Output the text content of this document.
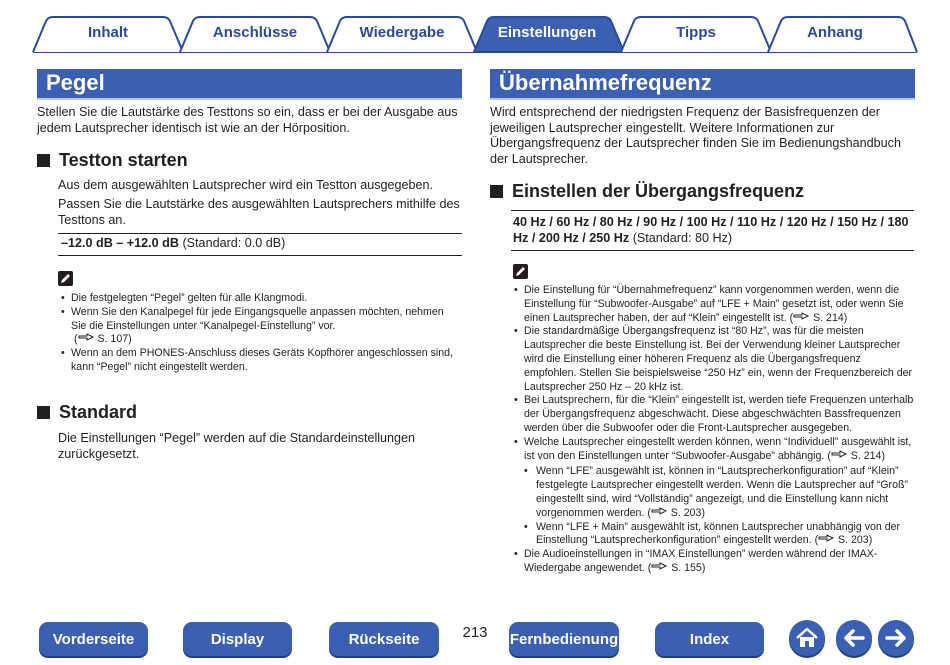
Inhalt	Anschlüsse	Wiedergabe	Einstellungen	Tipps	Anhang
Pegel
Stellen Sie die Lautstärke des Testtons so ein, dass er bei der Ausgabe aus jedem Lautsprecher identisch ist wie an der Hörposition.
Testton starten
Aus dem ausgewählten Lautsprecher wird ein Testton ausgegeben.
Passen Sie die Lautstärke des ausgewählten Lautsprechers mithilfe des Testtons an.
–12.0 dB – +12.0 dB (Standard: 0.0 dB)
• Die festgelegten “Pegel” gelten für alle Klangmodi.
• Wenn Sie den Kanalpegel für jede Eingangsquelle anpassen möchten, nehmen Sie die Einstellungen unter “Kanalpegel-Einstellung” vor.
( S. 107)
• Wenn an dem PHONES-Anschluss dieses Geräts Kopfhörer angeschlossen sind, kann “Pegel” nicht eingestellt werden.
Standard
Die Einstellungen “Pegel” werden auf die Standardeinstellungen zurückgesetzt.
Übernahmefrequenz
Wird entsprechend der niedrigsten Frequenz der Basisfrequenzen der jeweiligen Lautsprecher eingestellt. Weitere Informationen zur Übergangsfrequenz der Lautsprecher finden Sie im Bedienungshandbuch der Lautsprecher.
Einstellen der Übergangsfrequenz
40 Hz / 60 Hz / 80 Hz / 90 Hz / 100 Hz / 110 Hz / 120 Hz / 150 Hz / 180 Hz / 200 Hz / 250 Hz (Standard: 80 Hz)
• Die Einstellung für “Übernahmefrequenz” kann vorgenommen werden, wenn die Einstellung für “Subwoofer-Ausgabe” auf “LFE + Main” gesetzt ist, oder wenn Sie einen Lautsprecher haben, der auf “Klein” eingestellt ist. ( S. 214)
• Die standardmäßige Übergangsfrequenz ist “80 Hz”, was für die meisten Lautsprecher die beste Einstellung ist. Bei der Verwendung kleiner Lautsprecher wird die Einstellung einer höheren Frequenz als die Übergangsfrequenz empfohlen. Stellen Sie beispielsweise “250 Hz” ein, wenn der Frequenzbereich der Lautsprecher 250 Hz – 20 kHz ist.
• Bei Lautsprechern, für die “Klein” eingestellt ist, werden tiefe Frequenzen unterhalb der Übergangsfrequenz abgeschwächt. Diese abgeschwächten Bassfrequenzen werden über die Subwoofer oder die Front-Lautsprecher ausgegeben.
• Welche Lautsprecher eingestellt werden können, wenn “Individuell” ausgewählt ist, ist von den Einstellungen unter “Subwoofer-Ausgabe” abhängig. ( S. 214)
• Wenn “LFE” ausgewählt ist, können in “Lautsprecherkonfiguration” auf “Klein” festgelegte Lautsprecher eingestellt werden. Wenn die Lautsprecher auf “Groß” eingestellt sind, wird “Vollständig” angezeigt, und die Einstellung kann nicht vorgenommen werden. ( S. 203)
• Wenn “LFE + Main” ausgewählt ist, können Lautsprecher unabhängig von der Einstellung “Lautsprecherkonfiguration” eingestellt werden. ( S. 203)
• Die Audioeinstellungen in “IMAX Einstellungen” werden während der IMAX-Wiedergabe angewendet. ( S. 155)
Vorderseite	Display	Rückseite	213	Fernbedienung	Index
